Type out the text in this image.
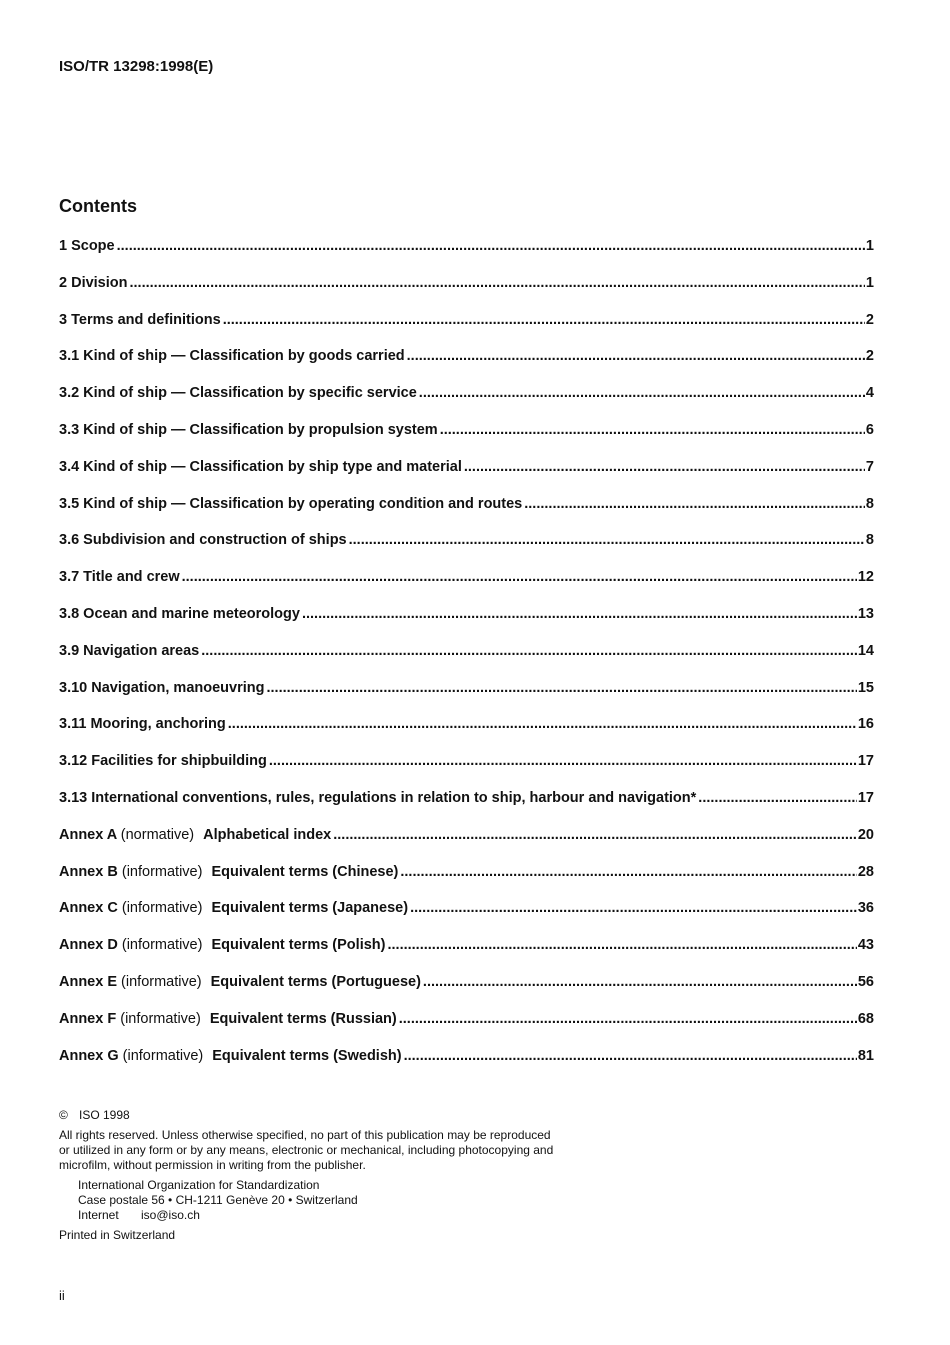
ISO/TR 13298:1998(E)
Contents
1 Scope .....	1
2 Division .....	1
3 Terms and definitions .....	2
3.1 Kind of ship — Classification by goods carried .....	2
3.2 Kind of ship — Classification by specific service .....	4
3.3 Kind of ship — Classification by propulsion system .....	6
3.4 Kind of ship — Classification by ship type and material .....	7
3.5 Kind of ship — Classification by operating condition and routes .....	8
3.6 Subdivision and construction of ships .....	8
3.7 Title and crew .....	12
3.8 Ocean and marine meteorology .....	13
3.9 Navigation areas .....	14
3.10 Navigation, manoeuvring .....	15
3.11 Mooring, anchoring .....	16
3.12 Facilities for shipbuilding .....	17
3.13 International conventions, rules, regulations in relation to ship, harbour and navigation* .....	17
Annex A (normative) Alphabetical index .....	20
Annex B (informative) Equivalent terms (Chinese) .....	28
Annex C (informative) Equivalent terms (Japanese) .....	36
Annex D (informative) Equivalent terms (Polish) .....	43
Annex E (informative) Equivalent terms (Portuguese) .....	56
Annex F (informative) Equivalent terms (Russian) .....	68
Annex G (informative) Equivalent terms (Swedish) .....	81
© ISO 1998
All rights reserved. Unless otherwise specified, no part of this publication may be reproduced
or utilized in any form or by any means, electronic or mechanical, including photocopying and
microfilm, without permission in writing from the publisher.
International Organization for Standardization
Case postale 56 • CH-1211 Genève 20 • Switzerland
Internet iso@iso.ch
Printed in Switzerland
ii
